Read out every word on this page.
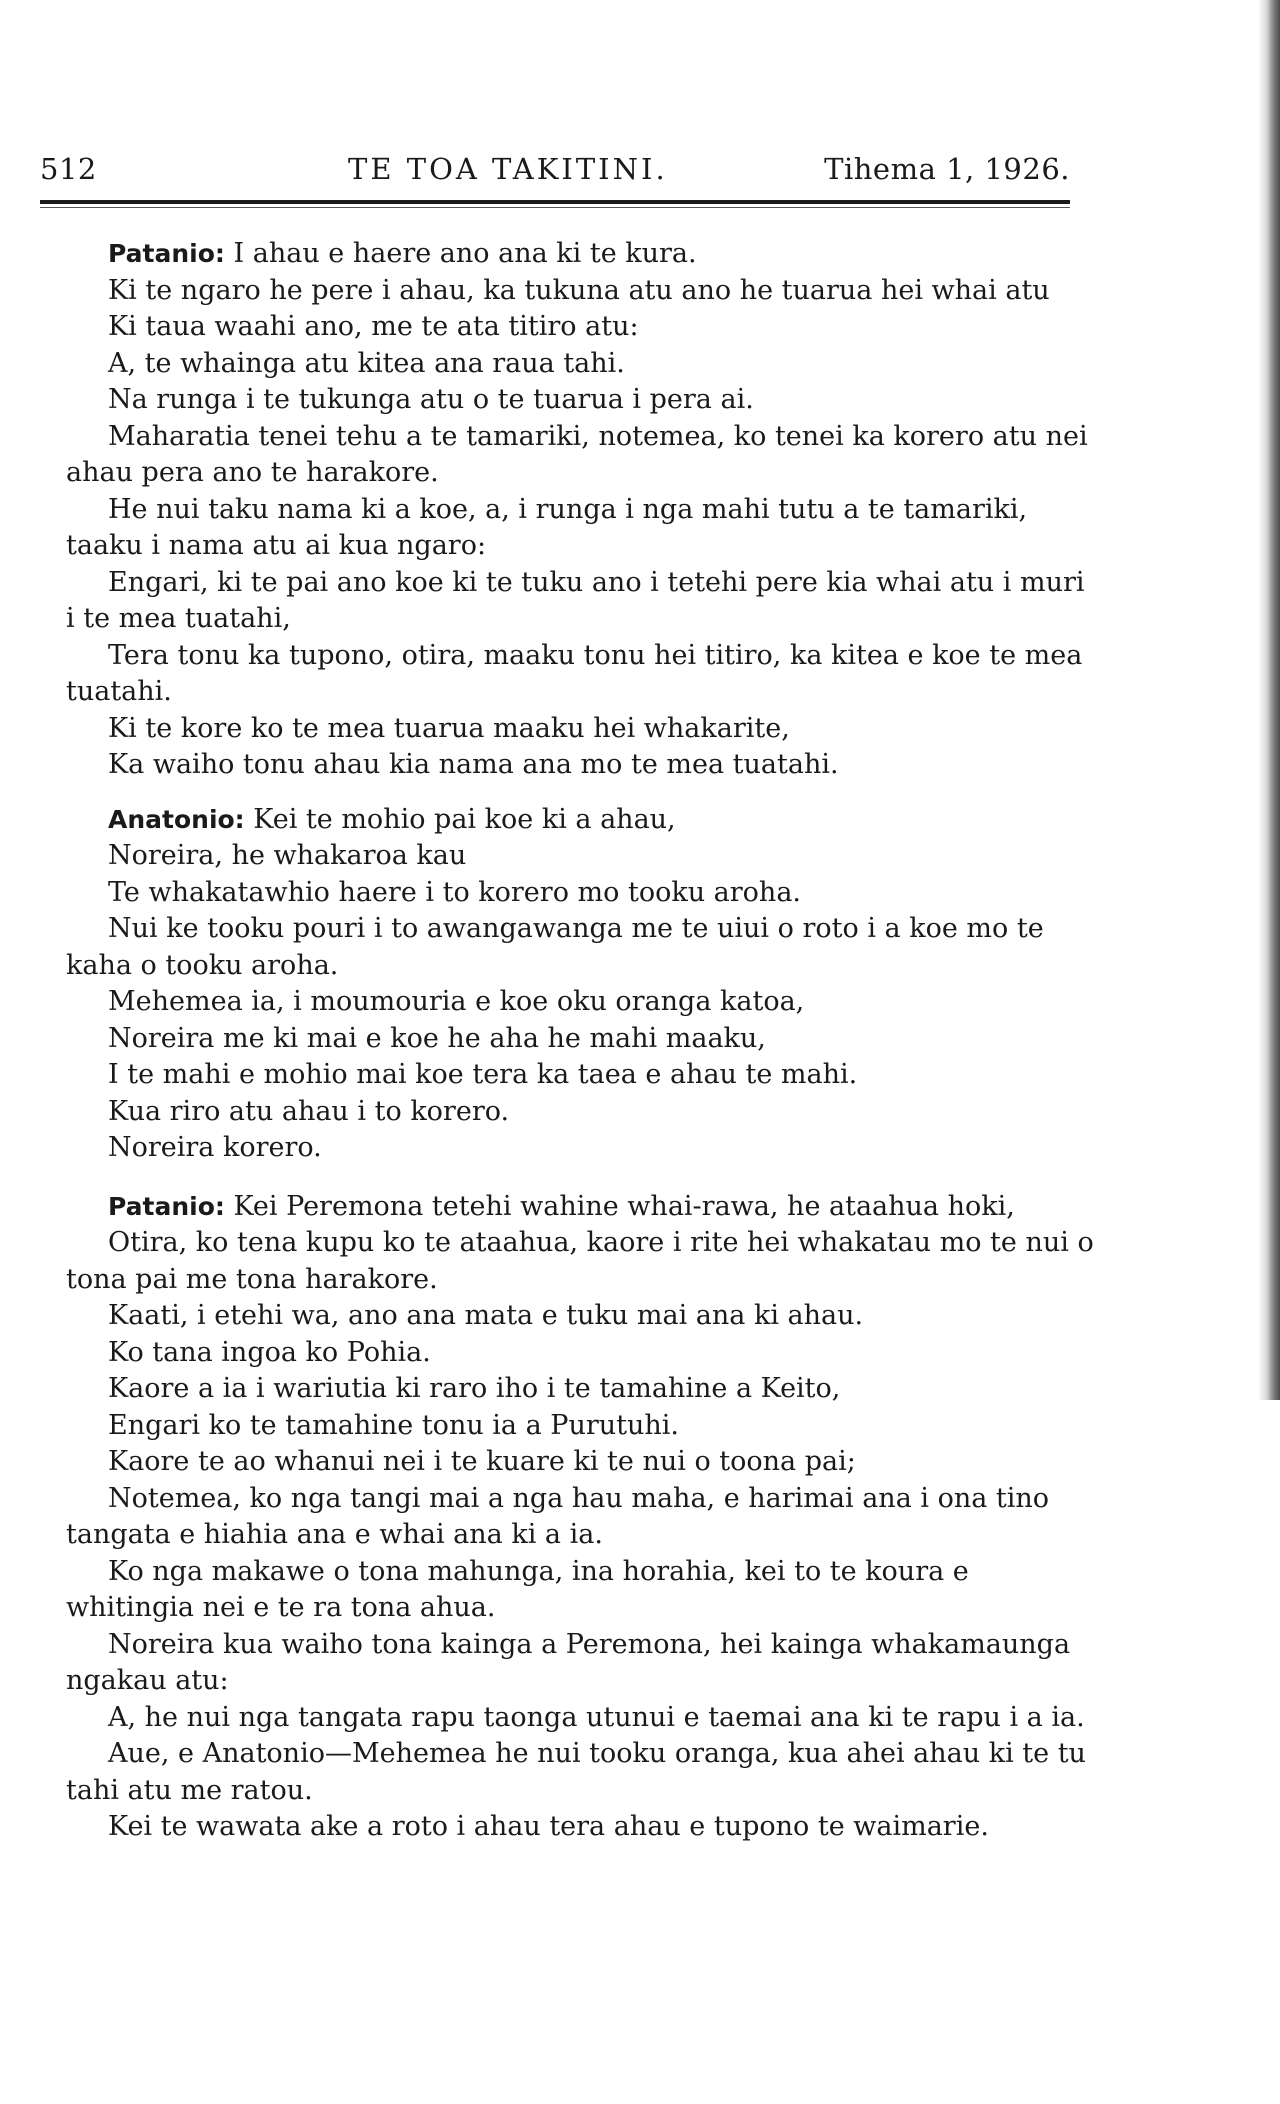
512	TE TOA TAKITINI.	Tihema 1, 1926.

Patanio: I ahau e haere ano ana ki te kura.

Ki te ngaro he pere i ahau, ka tukuna atu ano he tuarua hei whai atu

Ki taua waahi ano, me te ata titiro atu:

A, te whainga atu kitea ana raua tahi.

Na runga i te tukunga atu o te tuarua i pera ai.

Maharatia tenei tehu a te tamariki, notemea, ko tenei ka korero atu nei ahau pera ano te harakore.

He nui taku nama ki a koe, a, i runga i nga mahi tutu a te tamariki, taaku i nama atu ai kua ngaro:

Engari, ki te pai ano koe ki te tuku ano i tetehi pere kia whai atu i muri i te mea tuatahi,

Tera tonu ka tupono, otira, maaku tonu hei titiro, ka kitea e koe te mea tuatahi.

Ki te kore ko te mea tuarua maaku hei whakarite,

Ka waiho tonu ahau kia nama ana mo te mea tuatahi.

Anatonio: Kei te mohio pai koe ki a ahau,

Noreira, he whakaroa kau

Te whakatawhio haere i to korero mo tooku aroha.

Nui ke tooku pouri i to awangawanga me te uiui o roto i a koe mo te kaha o tooku aroha.

Mehemea ia, i moumouria e koe oku oranga katoa,

Noreira me ki mai e koe he aha he mahi maaku,

I te mahi e mohio mai koe tera ka taea e ahau te mahi.

Kua riro atu ahau i to korero.

Noreira korero.

Patanio: Kei Peremona tetehi wahine whai-rawa, he ataahua hoki,

Otira, ko tena kupu ko te ataahua, kaore i rite hei whakatau mo te nui o tona pai me tona harakore.

Kaati, i etehi wa, ano ana mata e tuku mai ana ki ahau.

Ko tana ingoa ko Pohia.

Kaore a ia i wariutia ki raro iho i te tamahine a Keito,

Engari ko te tamahine tonu ia a Purutuhi.

Kaore te ao whanui nei i te kuare ki te nui o toona pai;

Notemea, ko nga tangi mai a nga hau maha, e harimai ana i ona tino tangata e hiahia ana e whai ana ki a ia.

Ko nga makawe o tona mahunga, ina horahia, kei to te koura e whitingia nei e te ra tona ahua.

Noreira kua waiho tona kainga a Peremona, hei kainga whakamaunga ngakau atu:

A, he nui nga tangata rapu taonga utunui e taemai ana ki te rapu i a ia.

Aue, e Anatonio—Mehemea he nui tooku oranga, kua ahei ahau ki te tu tahi atu me ratou.

Kei te wawata ake a roto i ahau tera ahau e tupono te waimarie.
